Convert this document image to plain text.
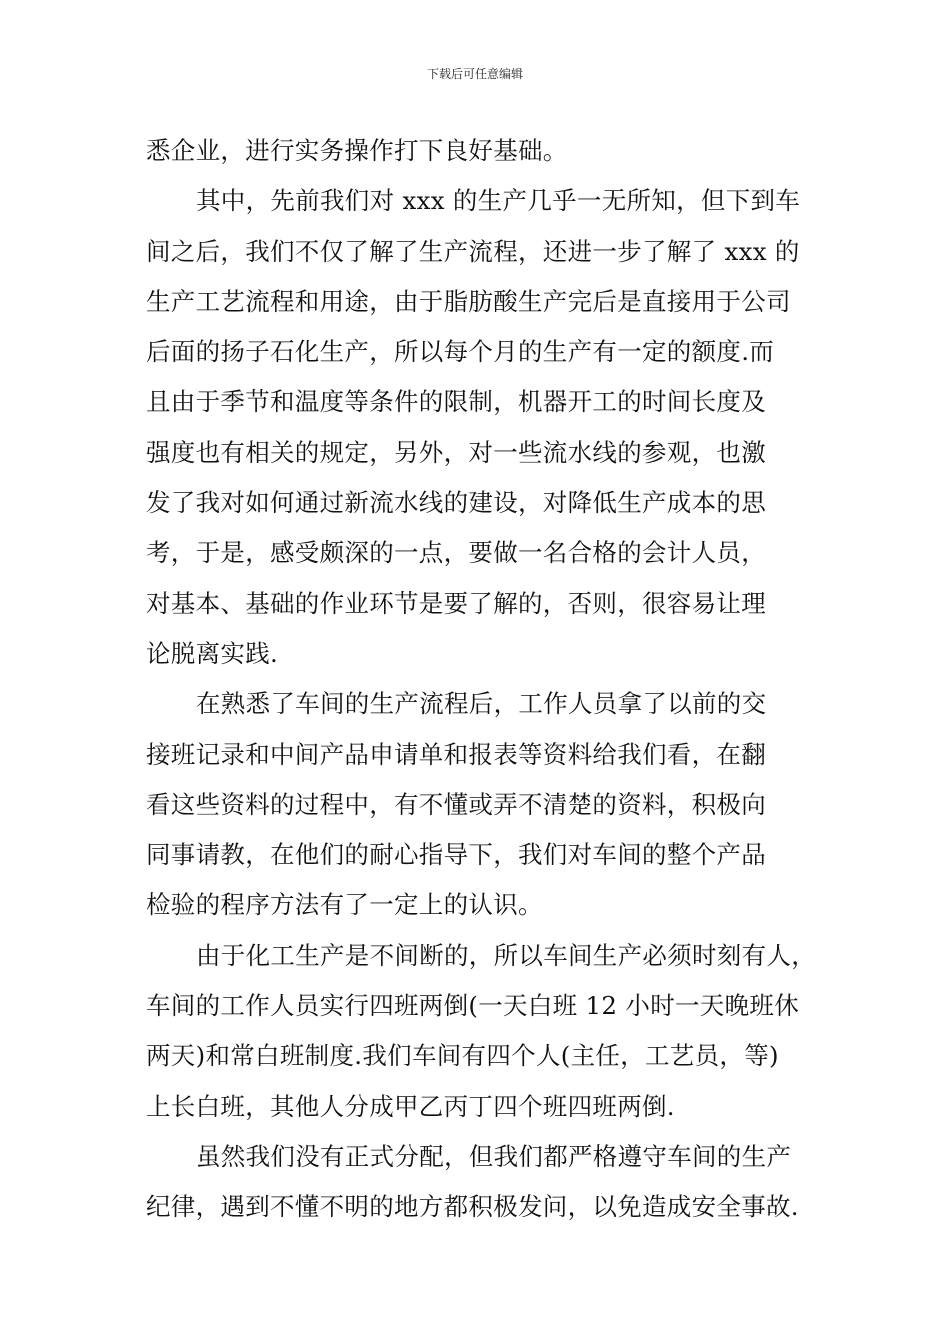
下载后可任意编辑
悉企业，进行实务操作打下良好基础。
其中，先前我们对 xxx 的生产几乎一无所知，但下到车
间之后，我们不仅了解了生产流程，还进一步了解了 xxx 的
生产工艺流程和用途，由于脂肪酸生产完后是直接用于公司
后面的扬子石化生产，所以每个月的生产有一定的额度.而
且由于季节和温度等条件的限制，机器开工的时间长度及
强度也有相关的规定，另外，对一些流水线的参观，也激
发了我对如何通过新流水线的建设，对降低生产成本的思
考，于是，感受颇深的一点，要做一名合格的会计人员，
对基本、基础的作业环节是要了解的，否则，很容易让理
论脱离实践.
在熟悉了车间的生产流程后，工作人员拿了以前的交
接班记录和中间产品申请单和报表等资料给我们看，在翻
看这些资料的过程中，有不懂或弄不清楚的资料，积极向
同事请教，在他们的耐心指导下，我们对车间的整个产品
检验的程序方法有了一定上的认识。
由于化工生产是不间断的，所以车间生产必须时刻有人，
车间的工作人员实行四班两倒(一天白班 12 小时一天晚班休
两天)和常白班制度.我们车间有四个人(主任，工艺员，等)
上长白班，其他人分成甲乙丙丁四个班四班两倒.
虽然我们没有正式分配，但我们都严格遵守车间的生产
纪律，遇到不懂不明的地方都积极发问，以免造成安全事故.
